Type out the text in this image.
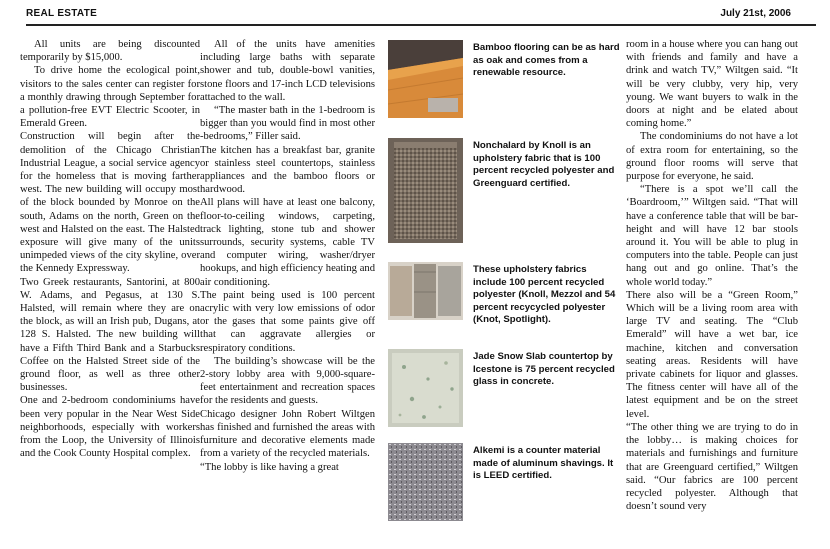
REAL ESTATE	July 21st, 2006

All units are being discounted temporarily by $15,000.

To drive home the ecological point, visitors to the sales center can register for a monthly drawing through September for a pollution-free EVT Electric Scooter, in Emerald Green.

Construction will begin after the demolition of the Chicago Christian Industrial League, a social service agency for the homeless that is moving farther west. The new building will occupy most of the block bounded by Monroe on the south, Adams on the north, Green on the west and Halsted on the east. The Halsted exposure will give many of the units unimpeded views of the city skyline, over the Kennedy Expressway.

Two Greek restaurants, Santorini, at 800 W. Adams, and Pegasus, at 130 S. Halsted, will remain where they are on the block, as will an Irish pub, Dugans, at 128 S. Halsted. The new building will have a Fifth Third Bank and a Starbucks Coffee on the Halsted Street side of the ground floor, as well as three other businesses.

One and 2-bedroom condominiums have been very popular in the Near West Side neighborhoods, especially with workers from the Loop, the University of Illinois and the Cook County Hospital complex.

All of the units have amenities including large baths with separate shower and tub, double-bowl vanities, stone floors and 17-inch LCD televisions attached to the wall.

“The master bath in the 1-bedroom is bigger than you would find in most other -bedrooms,” Filler said.

The kitchen has a breakfast bar, granite or stainless steel countertops, stainless appliances and the bamboo floors or hardwood.

All plans will have at least one balcony, floor-to-ceiling windows, carpeting, track lighting, stone tub and shower surrounds, security systems, cable TV and computer wiring, washer/dryer hookups, and high efficiency heating and air conditioning.

The paint being used is 100 percent acrylic with very low emissions of odor or the gases that some paints give off that can aggravate allergies or respiratory conditions.

The building’s showcase will be the 2-story lobby area with 9,000-square-feet entertainment and recreation spaces for the residents and guests.

Chicago designer John Robert Wiltgen has finished and furnished the areas with furniture and decorative elements made from a variety of the recycled materials.

“The lobby is like having a great

Bamboo flooring can be as hard as oak and comes from a renewable resource.
Nonchalard by Knoll is an upholstery fabric that is 100 percent recycled polyester and Greenguard certified.
These upholstery fabrics include 100 percent recycled polyester (Knoll, Mezzol and 54 percent recycycled polyester (Knot, Spotlight).
Jade Snow Slab countertop by Icestone is 75 percent recycled glass in concrete.
Alkemi is a counter material made of aluminum shavings. It is LEED certified.

room in a house where you can hang out with friends and family and have a drink and watch TV,” Wiltgen said. “It will be very clubby, very hip, very young. We want buyers to walk in the doors at night and be elated about coming home.”

The condominiums do not have a lot of extra room for entertaining, so the ground floor rooms will serve that purpose for everyone, he said.

“There is a spot we’ll call the ‘Boardroom,’” Wiltgen said. “That will have a conference table that will be bar-height and will have 12 bar stools around it. You will be able to plug in computers into the table. People can just hang out and go online. That’s the whole world today.”

There also will be a “Green Room,” Which will be a living room area with large TV and seating. The “Club Emerald” will have a wet bar, ice machine, kitchen and conversation seating areas. Residents will have private cabinets for liquor and glasses. The fitness center will have all of the latest equipment and be on the street level.

“The other thing we are trying to do in the lobby… is making choices for materials and furnishings and furniture that are Greenguard certified,” Wiltgen said. “Our fabrics are 100 percent recycled polyester. Although that doesn’t sound very
